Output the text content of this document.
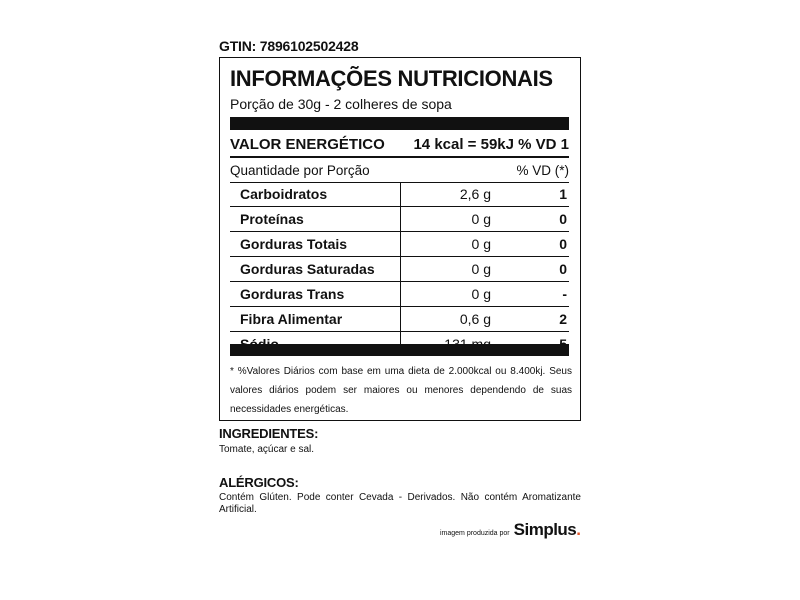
GTIN: 7896102502428
INFORMAÇÕES NUTRICIONAIS
Porção de 30g - 2 colheres de sopa
VALOR ENERGÉTICO 14 kcal = 59kJ % VD 1
Quantidade por Porção	% VD (*)
Carboidratos	2,6 g	1
Proteínas	0 g	0
Gorduras Totais	0 g	0
Gorduras Saturadas	0 g	0
Gorduras Trans	0 g	-
Fibra Alimentar	0,6 g	2
* %Valores Diários com base em uma dieta de 2.000kcal ou 8.400kj. Seus valores diários podem ser maiores ou menores dependendo de suas necessidades energéticas.
INGREDIENTES:
Tomate, açúcar e sal.
ALÉRGICOS:
Contém Glúten. Pode conter Cevada - Derivados. Não contém Aromatizante Artificial.
imagem produzida por Simplus.
